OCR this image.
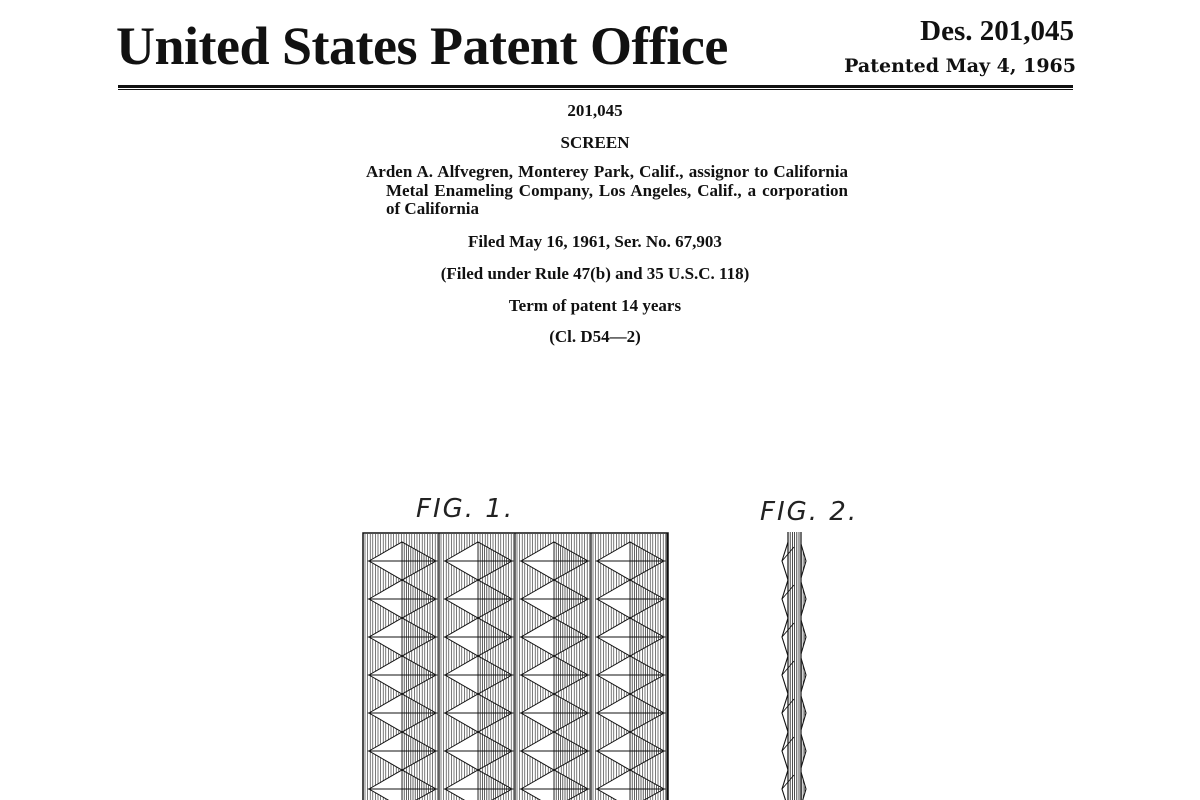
United States Patent Office	Des. 201,045
Patented May 4, 1965
201,045
SCREEN
Arden A. Alfvegren, Monterey Park, Calif., assignor to California Metal Enameling Company, Los Angeles, Calif., a corporation of California
Filed May 16, 1961, Ser. No. 67,903
(Filed under Rule 47(b) and 35 U.S.C. 118)
Term of patent 14 years
(Cl. D54—2)
FIG. 1.	FIG. 2.
